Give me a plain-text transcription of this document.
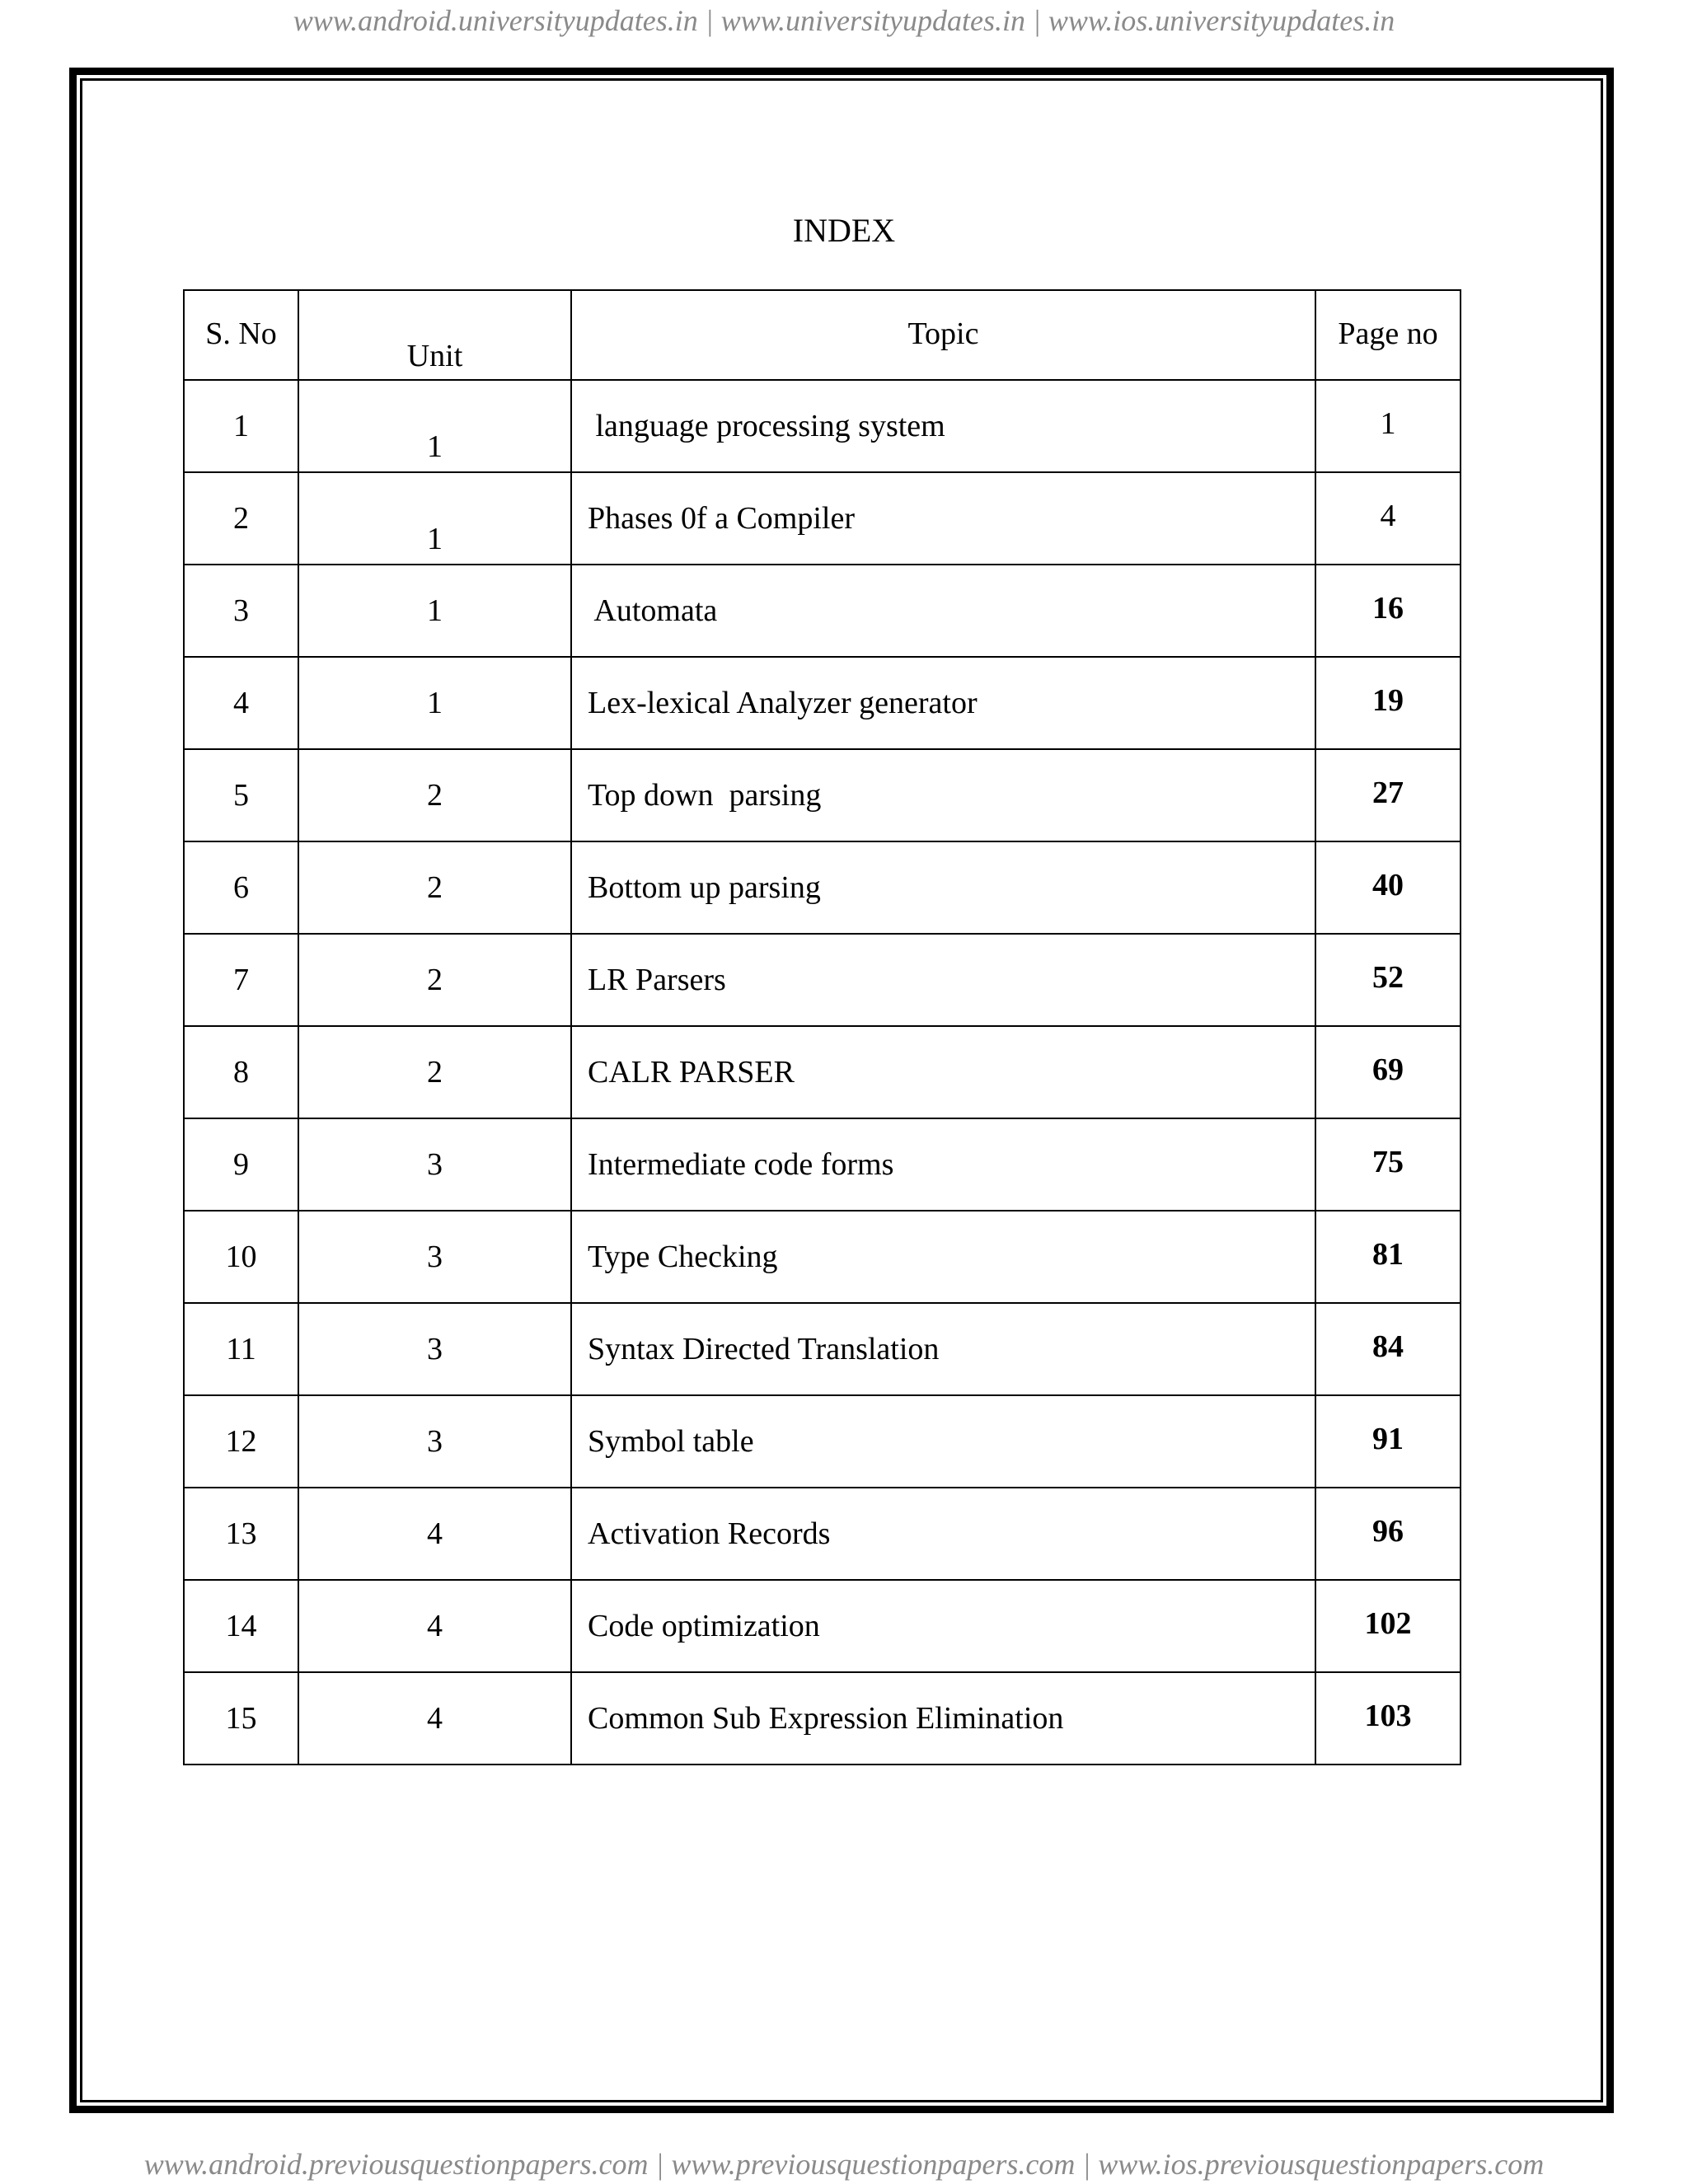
www.android.universityupdates.in | www.universityupdates.in | www.ios.universityupdates.in
INDEX
S. No	Unit	Topic	Page no
1	1	language processing system	1
2	1	Phases 0f a Compiler	4
3	1	Automata	16
4	1	Lex-lexical Analyzer generator	19
5	2	Top down  parsing	27
6	2	Bottom up parsing	40
7	2	LR Parsers	52
8	2	CALR PARSER	69
9	3	Intermediate code forms	75
10	3	Type Checking	81
11	3	Syntax Directed Translation	84
12	3	Symbol table	91
13	4	Activation Records	96
14	4	Code optimization	102
15	4	Common Sub Expression Elimination	103
www.android.previousquestionpapers.com | www.previousquestionpapers.com | www.ios.previousquestionpapers.com
